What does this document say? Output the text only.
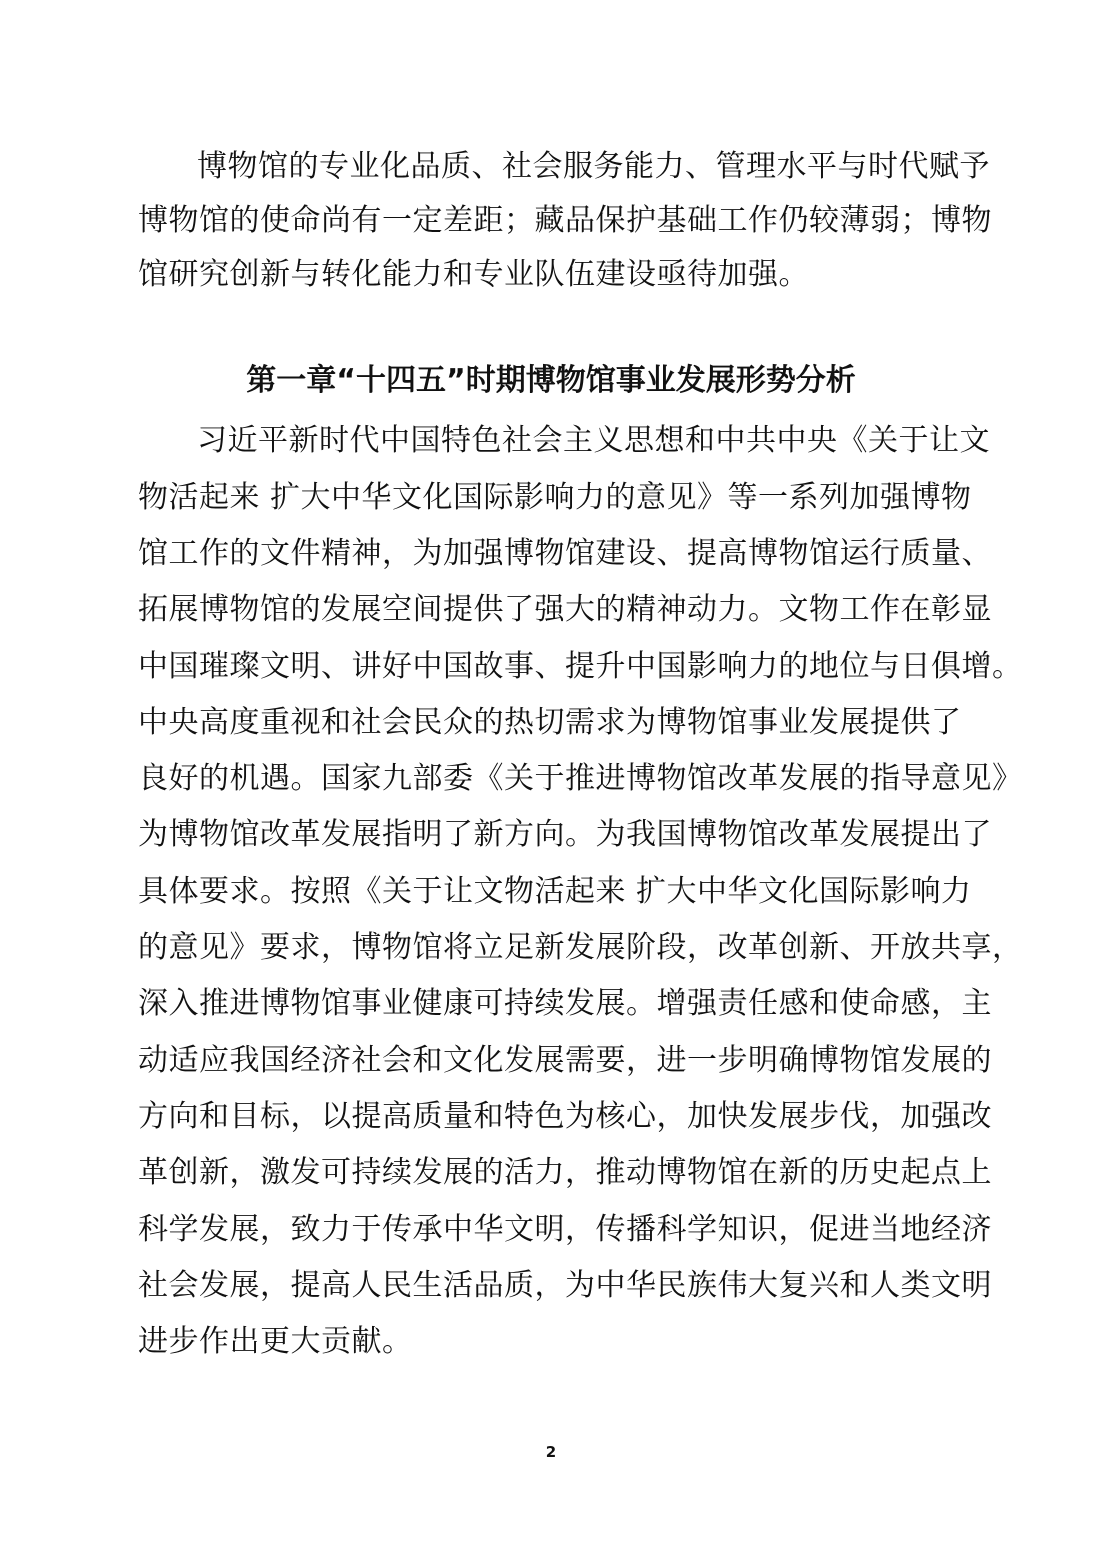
博物馆的专业化品质、社会服务能力、管理水平与时代赋予
博物馆的使命尚有一定差距；藏品保护基础工作仍较薄弱；博物
馆研究创新与转化能力和专业队伍建设亟待加强。
第一章“十四五”时期博物馆事业发展形势分析
习近平新时代中国特色社会主义思想和中共中央《关于让文
物活起来 扩大中华文化国际影响力的意见》等一系列加强博物
馆工作的文件精神，为加强博物馆建设、提高博物馆运行质量、
拓展博物馆的发展空间提供了强大的精神动力。文物工作在彰显
中国璀璨文明、讲好中国故事、提升中国影响力的地位与日俱增。
中央高度重视和社会民众的热切需求为博物馆事业发展提供了
良好的机遇。国家九部委《关于推进博物馆改革发展的指导意见》
为博物馆改革发展指明了新方向。为我国博物馆改革发展提出了
具体要求。按照《关于让文物活起来 扩大中华文化国际影响力
的意见》要求，博物馆将立足新发展阶段，改革创新、开放共享，
深入推进博物馆事业健康可持续发展。增强责任感和使命感，主
动适应我国经济社会和文化发展需要，进一步明确博物馆发展的
方向和目标，以提高质量和特色为核心，加快发展步伐，加强改
革创新，激发可持续发展的活力，推动博物馆在新的历史起点上
科学发展，致力于传承中华文明，传播科学知识，促进当地经济
社会发展，提高人民生活品质，为中华民族伟大复兴和人类文明
进步作出更大贡献。
2
